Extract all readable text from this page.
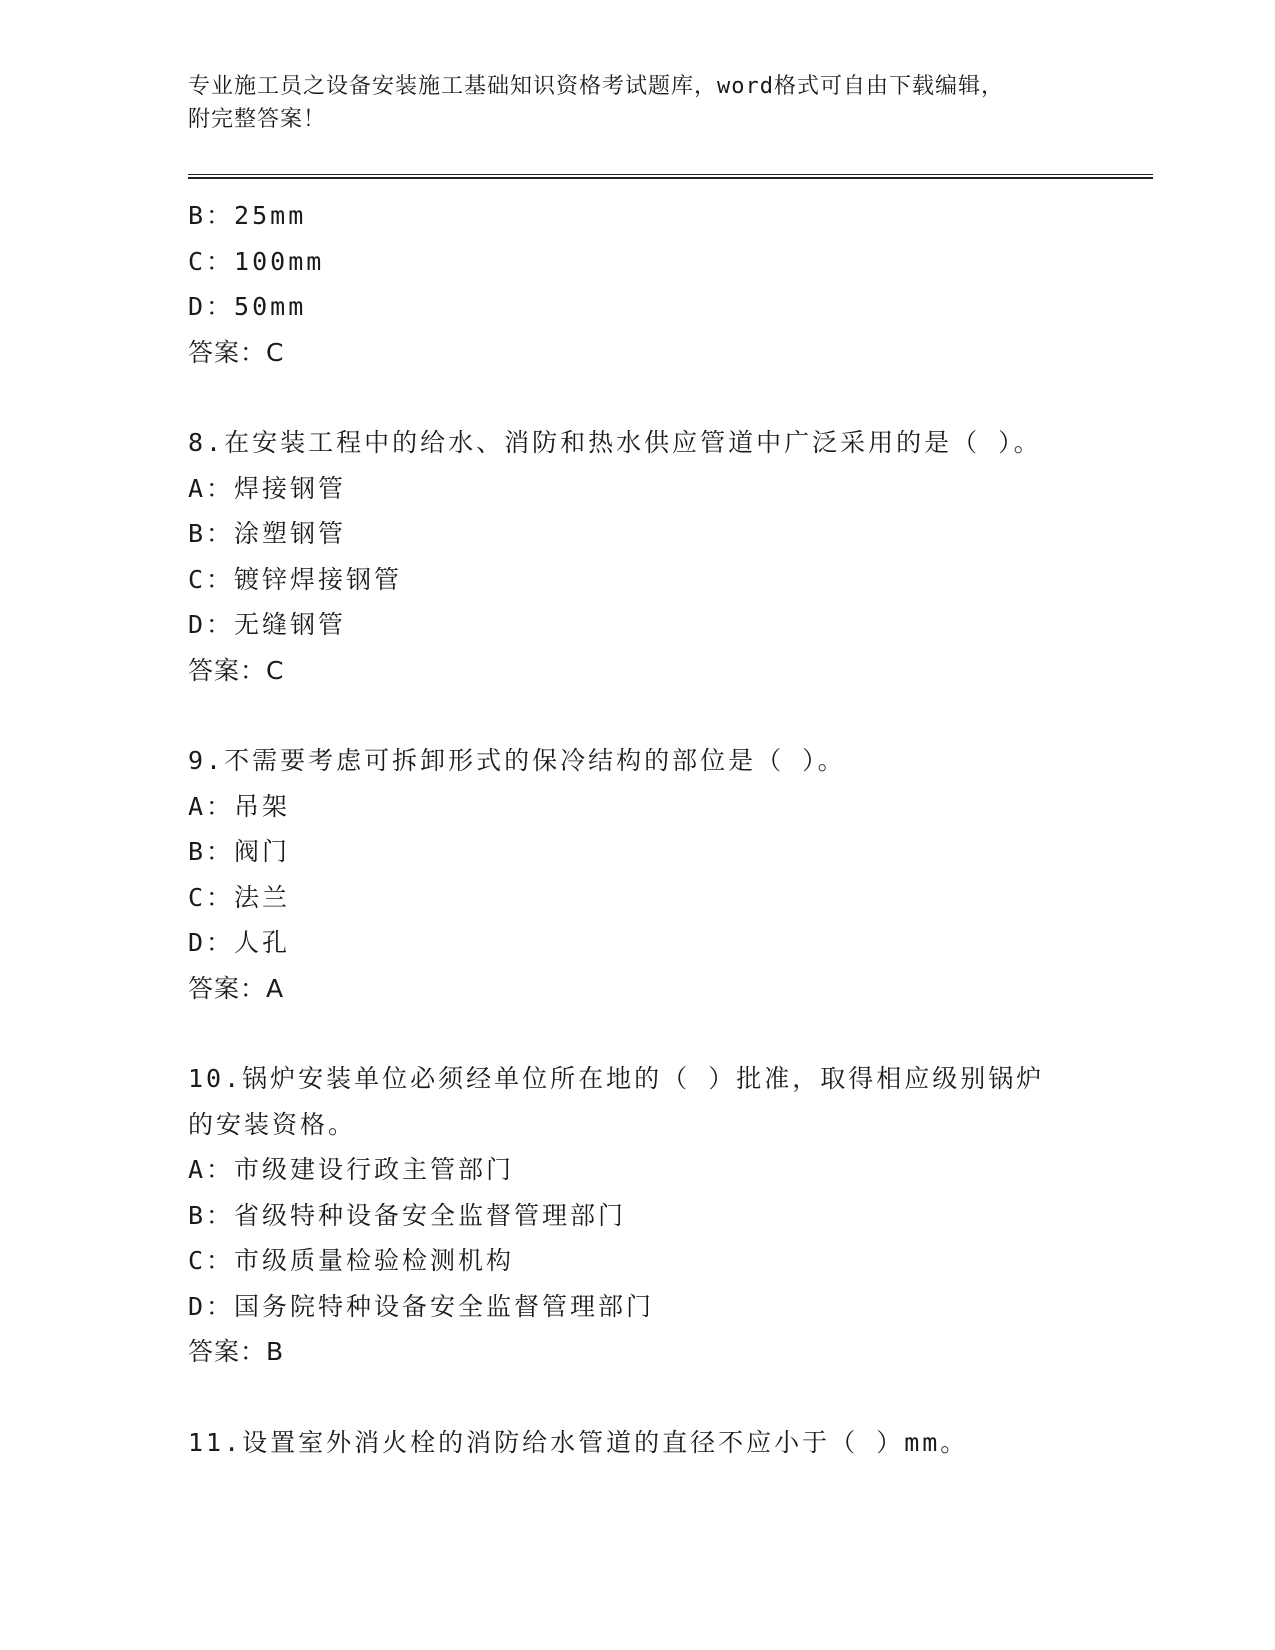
专业施工员之设备安装施工基础知识资格考试题库，word格式可自由下载编辑，
附完整答案！
B：25mm
C：100mm
D：50mm
答案：C
8.在安装工程中的给水、消防和热水供应管道中广泛采用的是（ ）。
A：焊接钢管
B：涂塑钢管
C：镀锌焊接钢管
D：无缝钢管
答案：C
9.不需要考虑可拆卸形式的保冷结构的部位是（ ）。
A：吊架
B：阀门
C：法兰
D：人孔
答案：A
10.锅炉安装单位必须经单位所在地的（ ）批准，取得相应级别锅炉
的安装资格。
A：市级建设行政主管部门
B：省级特种设备安全监督管理部门
C：市级质量检验检测机构
D：国务院特种设备安全监督管理部门
答案：B
11.设置室外消火栓的消防给水管道的直径不应小于（ ）mm。
